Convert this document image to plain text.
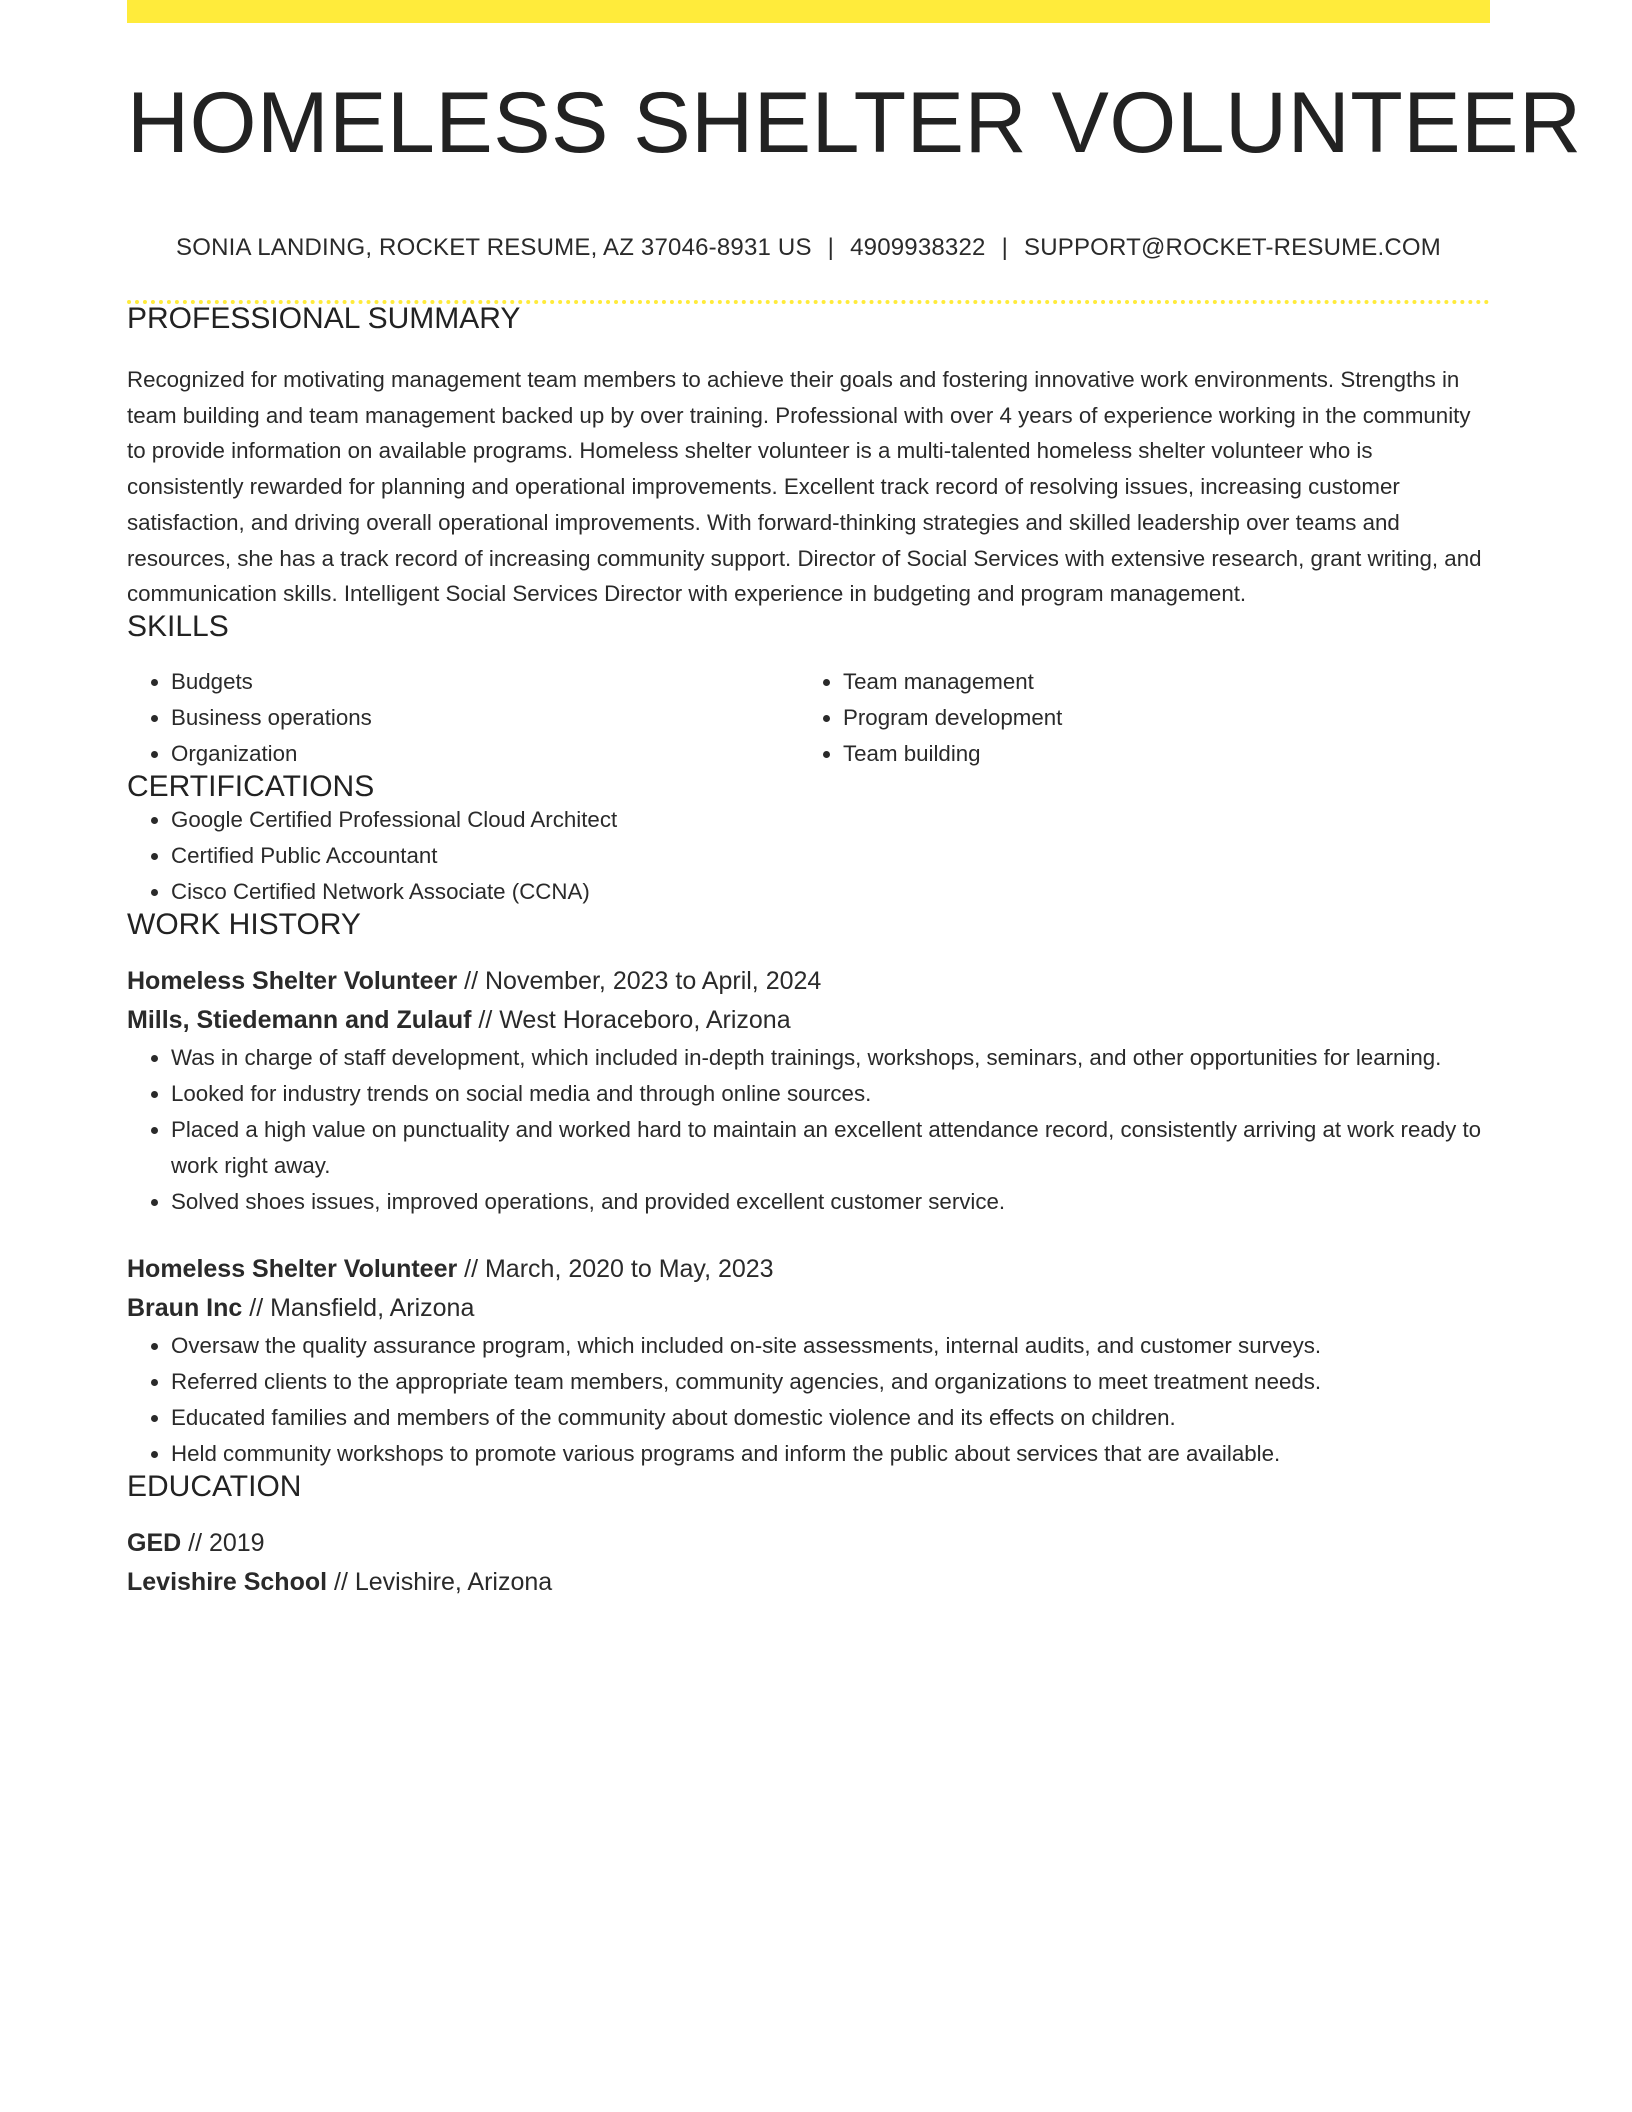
HOMELESS SHELTER VOLUNTEER
SONIA LANDING, ROCKET RESUME, AZ 37046-8931 US | 4909938322 | SUPPORT@ROCKET-RESUME.COM
PROFESSIONAL SUMMARY

Recognized for motivating management team members to achieve their goals and fostering innovative work environments. Strengths in team building and team management backed up by over training. Professional with over 4 years of experience working in the community to provide information on available programs. Homeless shelter volunteer is a multi-talented homeless shelter volunteer who is consistently rewarded for planning and operational improvements. Excellent track record of resolving issues, increasing customer satisfaction, and driving overall operational improvements. With forward-thinking strategies and skilled leadership over teams and resources, she has a track record of increasing community support. Director of Social Services with extensive research, grant writing, and communication skills. Intelligent Social Services Director with experience in budgeting and program management.

SKILLS
• Budgets
• Business operations
• Organization
• Team management
• Program development
• Team building
CERTIFICATIONS
• Google Certified Professional Cloud Architect
• Certified Public Accountant
• Cisco Certified Network Associate (CCNA)
WORK HISTORY
Homeless Shelter Volunteer // November, 2023 to April, 2024
Mills, Stiedemann and Zulauf // West Horaceboro, Arizona
• Was in charge of staff development, which included in-depth trainings, workshops, seminars, and other opportunities for learning.
• Looked for industry trends on social media and through online sources.
• Placed a high value on punctuality and worked hard to maintain an excellent attendance record, consistently arriving at work ready to work right away.
• Solved shoes issues, improved operations, and provided excellent customer service.
Homeless Shelter Volunteer // March, 2020 to May, 2023
Braun Inc // Mansfield, Arizona
• Oversaw the quality assurance program, which included on-site assessments, internal audits, and customer surveys.
• Referred clients to the appropriate team members, community agencies, and organizations to meet treatment needs.
• Educated families and members of the community about domestic violence and its effects on children.
• Held community workshops to promote various programs and inform the public about services that are available.
EDUCATION
GED // 2019
Levishire School // Levishire, Arizona
